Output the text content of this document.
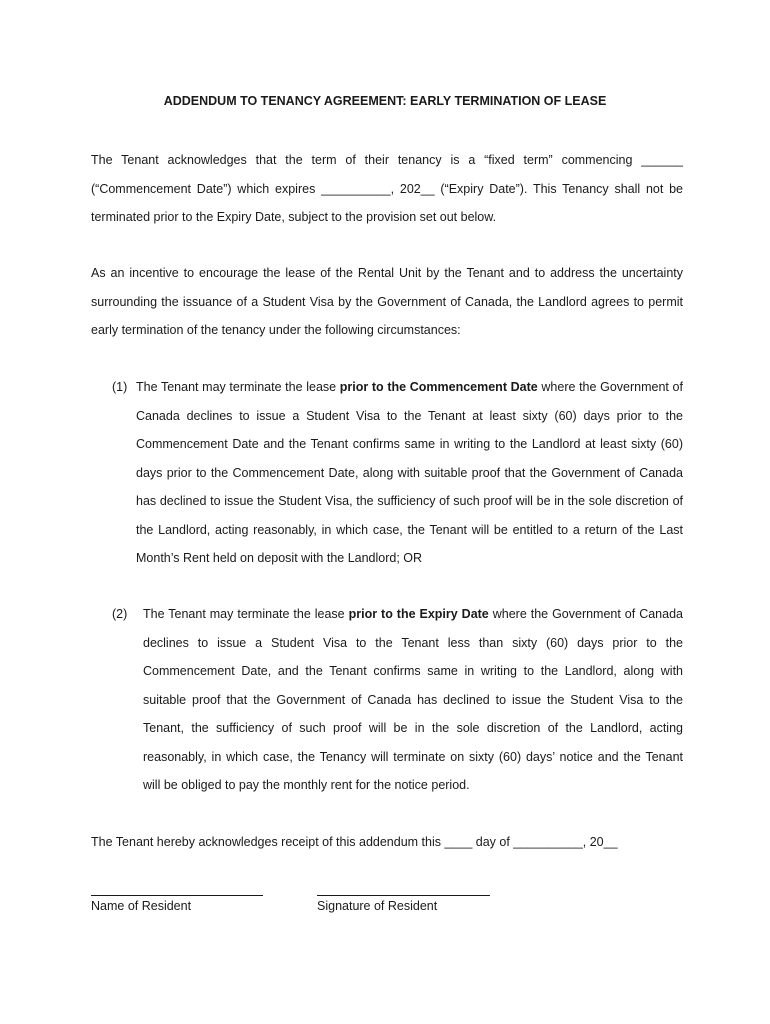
ADDENDUM TO TENANCY AGREEMENT: EARLY TERMINATION OF LEASE
The Tenant acknowledges that the term of their tenancy is a “fixed term” commencing ______ (“Commencement Date”) which expires __________, 202__ (“Expiry Date”). This Tenancy shall not be terminated prior to the Expiry Date, subject to the provision set out below.
As an incentive to encourage the lease of the Rental Unit by the Tenant and to address the uncertainty surrounding the issuance of a Student Visa by the Government of Canada, the Landlord agrees to permit early termination of the tenancy under the following circumstances:
(1) The Tenant may terminate the lease prior to the Commencement Date where the Government of Canada declines to issue a Student Visa to the Tenant at least sixty (60) days prior to the Commencement Date and the Tenant confirms same in writing to the Landlord at least sixty (60) days prior to the Commencement Date, along with suitable proof that the Government of Canada has declined to issue the Student Visa, the sufficiency of such proof will be in the sole discretion of the Landlord, acting reasonably, in which case, the Tenant will be entitled to a return of the Last Month’s Rent held on deposit with the Landlord; OR
(2)	The Tenant may terminate the lease prior to the Expiry Date where the Government of Canada declines to issue a Student Visa to the Tenant less than sixty (60) days prior to the Commencement Date, and the Tenant confirms same in writing to the Landlord, along with suitable proof that the Government of Canada has declined to issue the Student Visa to the Tenant, the sufficiency of such proof will be in the sole discretion of the Landlord, acting reasonably, in which case, the Tenancy will terminate on sixty (60) days’ notice and the Tenant will be obliged to pay the monthly rent for the notice period.
The Tenant hereby acknowledges receipt of this addendum this ____ day of __________, 20__
Name of Resident	Signature of Resident
